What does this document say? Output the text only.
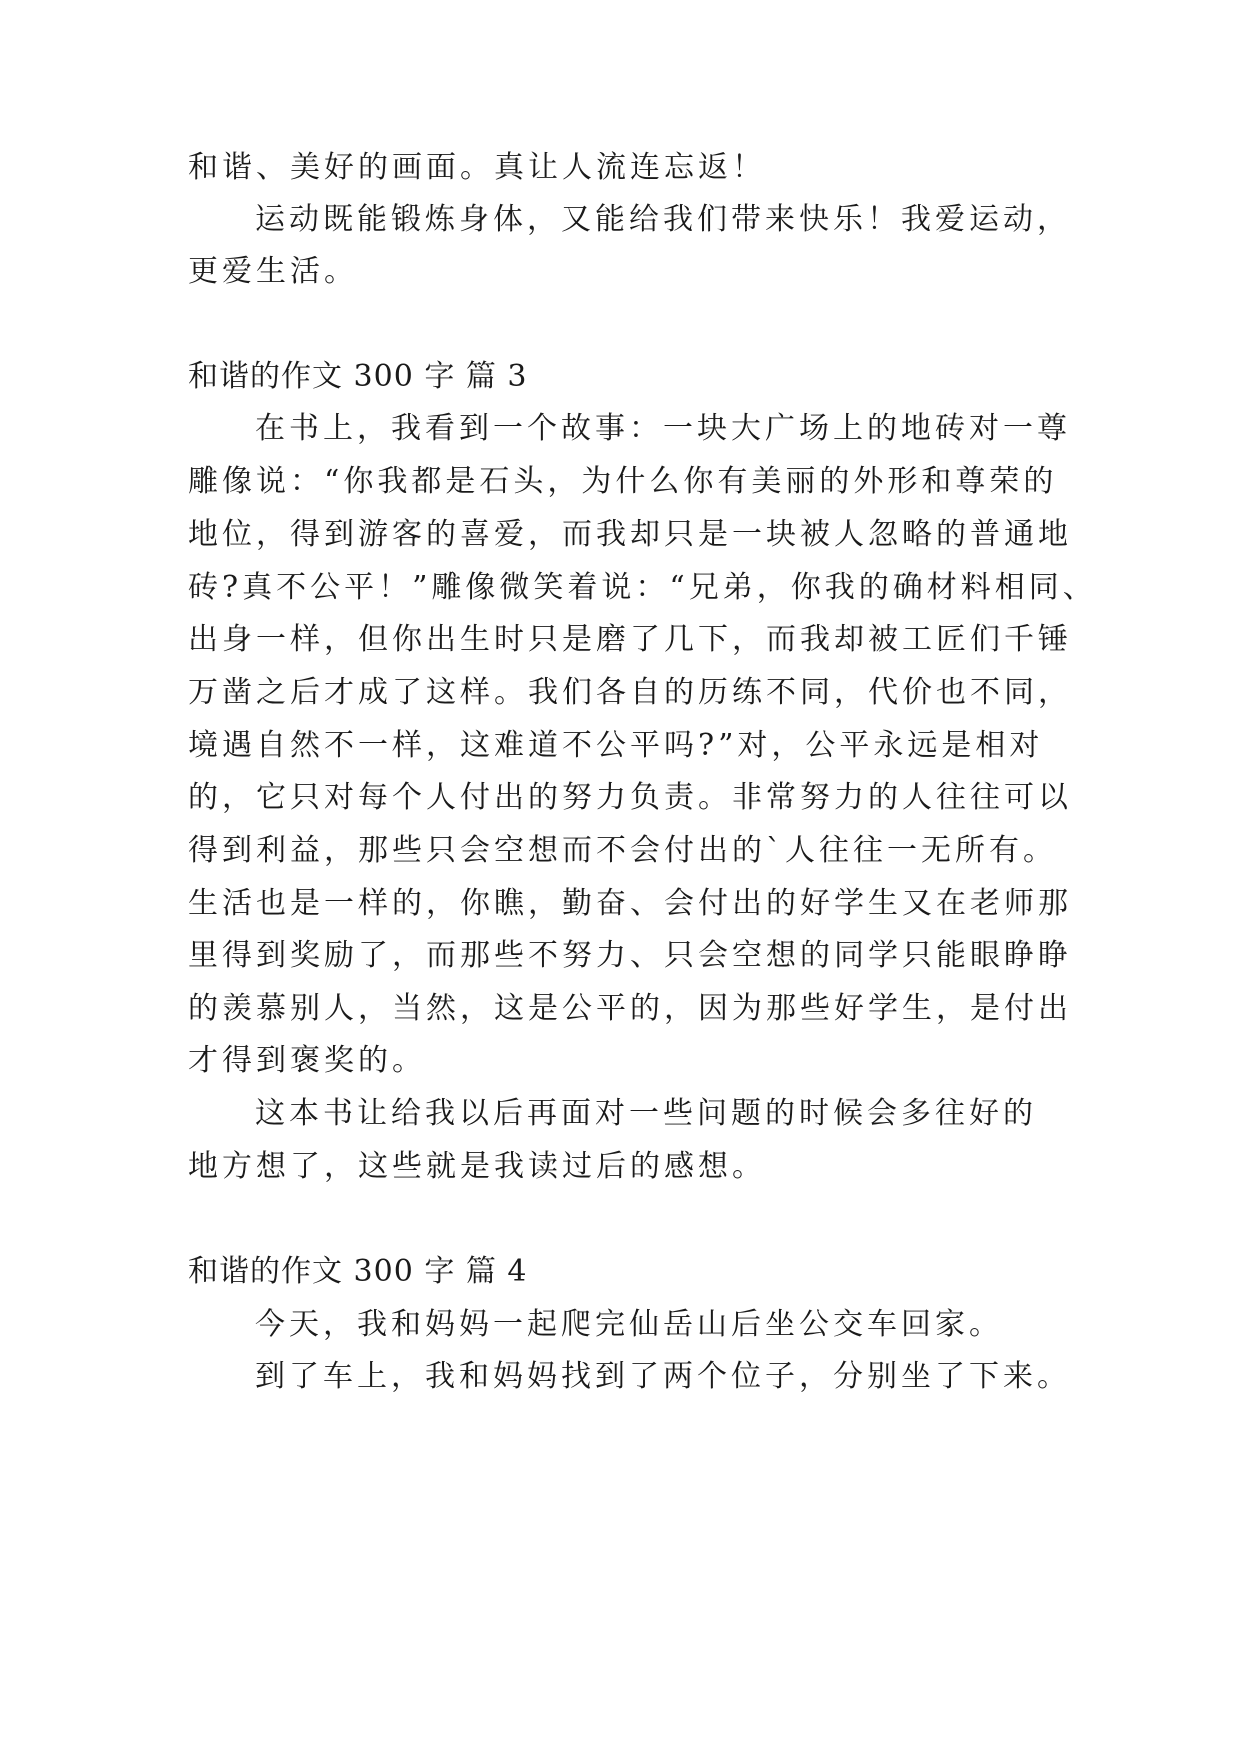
和谐、美好的画面。真让人流连忘返！
运动既能锻炼身体，又能给我们带来快乐！我爱运动，
更爱生活。
和谐的作文 300 字 篇 3
在书上，我看到一个故事：一块大广场上的地砖对一尊
雕像说：“你我都是石头，为什么你有美丽的外形和尊荣的
地位，得到游客的喜爱，而我却只是一块被人忽略的普通地
砖?真不公平！”雕像微笑着说：“兄弟，你我的确材料相同、
出身一样，但你出生时只是磨了几下，而我却被工匠们千锤
万凿之后才成了这样。我们各自的历练不同，代价也不同，
境遇自然不一样，这难道不公平吗?”对，公平永远是相对
的，它只对每个人付出的努力负责。非常努力的人往往可以
得到利益，那些只会空想而不会付出的`人往往一无所有。
生活也是一样的，你瞧，勤奋、会付出的好学生又在老师那
里得到奖励了，而那些不努力、只会空想的同学只能眼睁睁
的羡慕别人，当然，这是公平的，因为那些好学生，是付出
才得到褒奖的。
这本书让给我以后再面对一些问题的时候会多往好的
地方想了，这些就是我读过后的感想。
和谐的作文 300 字 篇 4
今天，我和妈妈一起爬完仙岳山后坐公交车回家。
到了车上，我和妈妈找到了两个位子，分别坐了下来。
